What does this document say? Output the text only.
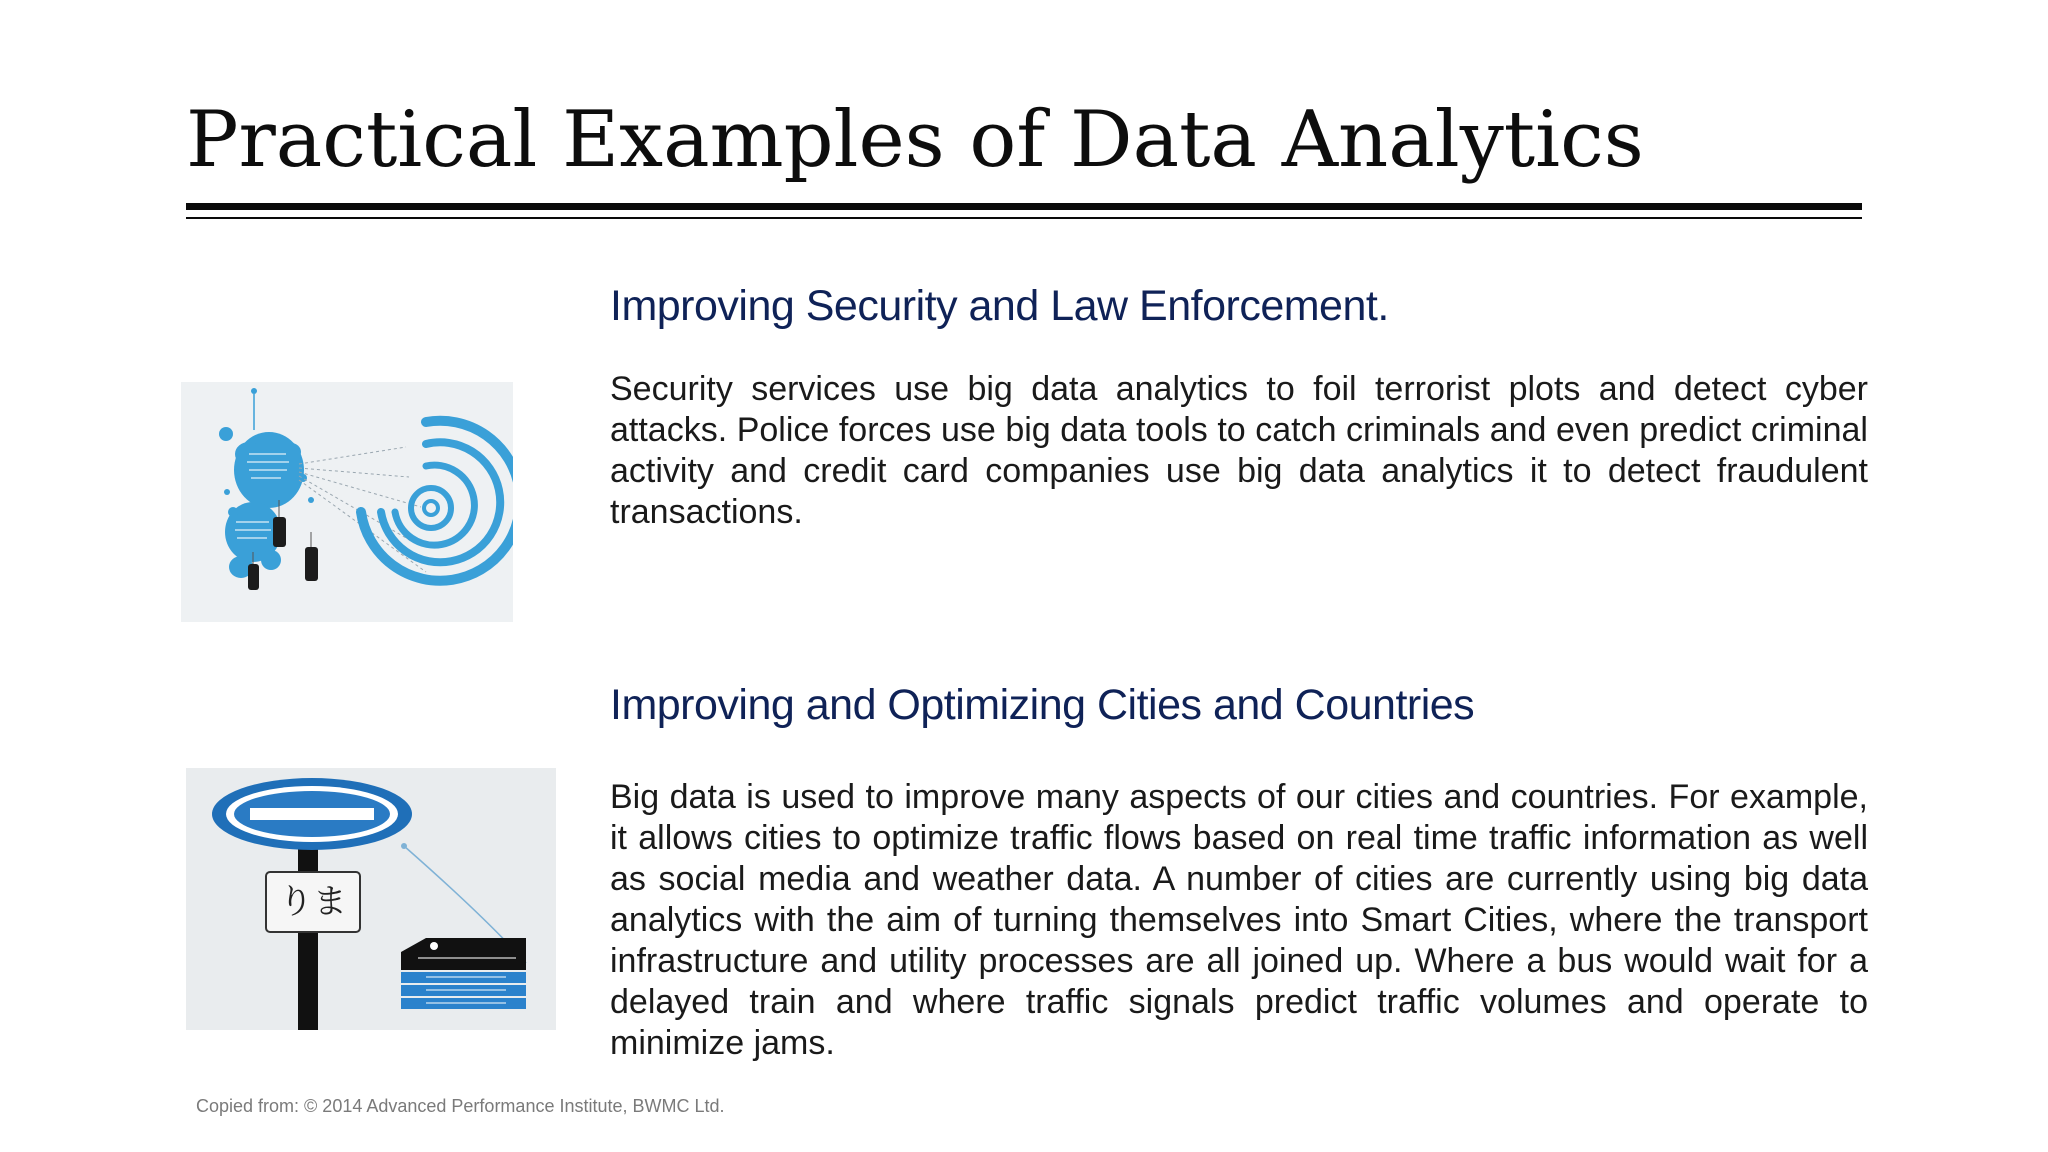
Practical Examples of Data Analytics
Improving Security and Law Enforcement.

Security services use big data analytics to foil terrorist plots and detect cyber attacks. Police forces use big data tools to catch criminals and even predict criminal activity and credit card companies use big data analytics it to detect fraudulent transactions.

りま
Improving and Optimizing Cities and Countries

Big data is used to improve many aspects of our cities and countries. For example, it allows cities to optimize traffic flows based on real time traffic information as well as social media and weather data. A number of cities are currently using big data analytics with the aim of turning themselves into Smart Cities, where the transport infrastructure and utility processes are all joined up. Where a bus would wait for a delayed train and where traffic signals predict traffic volumes and operate to minimize jams.

Copied from: © 2014 Advanced Performance Institute, BWMC Ltd.
